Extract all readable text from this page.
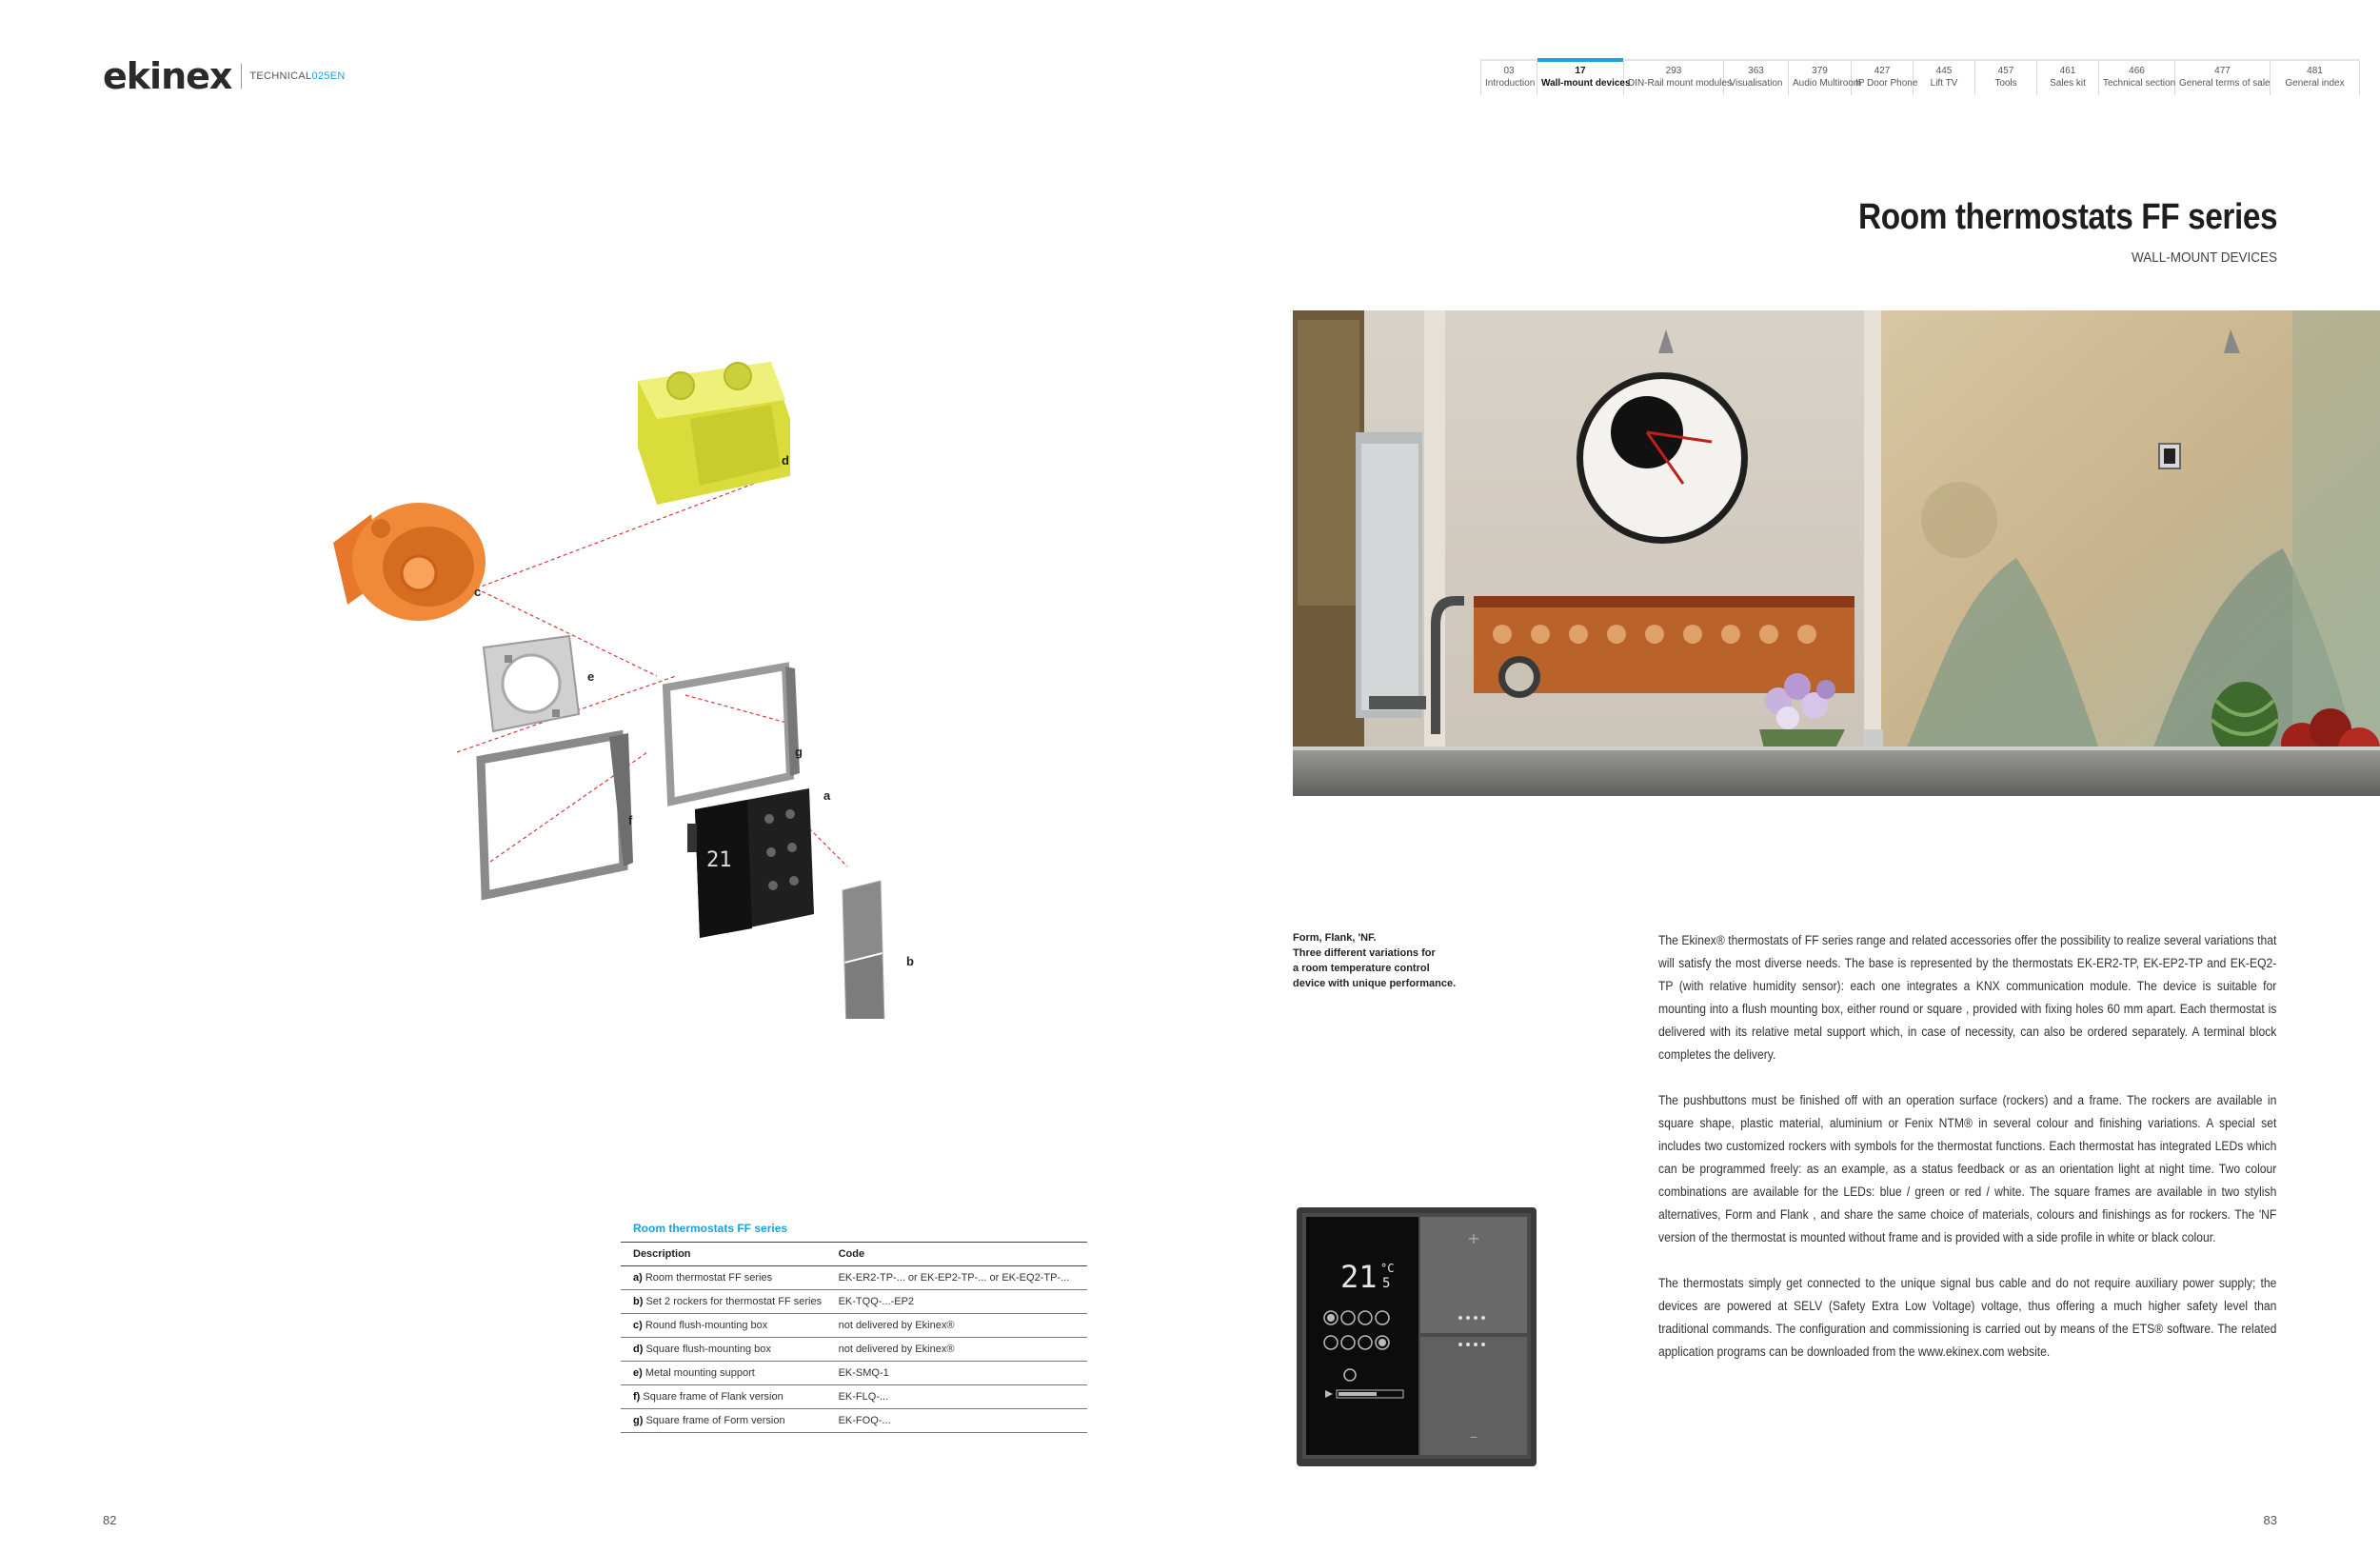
ekinex TECHNICAL025EN	03
Introduction
17
Wall-mount devices
293
DIN-Rail mount modules
363
Visualisation
379
Audio Multiroom
427
IP Door Phone
445
Lift TV
457
Tools
461
Sales kit
466
Technical section
477
General terms of sale
481
General index
Room thermostats FF series
WALL-MOUNT DEVICES
21
d
c
e
g
a
f
b
Form, Flank, 'NF.
Three different variations for
a room temperature control
device with unique performance.

The Ekinex® thermostats of FF series range and related accessories offer the possibility to realize several variations that will satisfy the most diverse needs. The base is represented by the thermostats EK-ER2-TP, EK-EP2-TP and EK-EQ2-TP (with relative humidity sensor): each one integrates a KNX communication module. The device is suitable for mounting into a flush mounting box, either round or square , provided with fixing holes 60 mm apart. Each thermostat is delivered with its relative metal support which, in case of necessity, can also be ordered separately. A terminal block completes the delivery.

The pushbuttons must be finished off with an operation surface (rockers) and a frame. The rockers are available in square shape, plastic material, aluminium or Fenix NTM® in several colour and finishing variations. A special set includes two customized rockers with symbols for the thermostat functions. Each thermostat has integrated LEDs which can be programmed freely: as an example, as a status feedback or as an orientation light at night time. Two colour combinations are available for the LEDs: blue / green or red / white. The square frames are available in two stylish alternatives, Form and Flank , and share the same choice of materials, colours and finishings as for rockers. The 'NF version of the thermostat is mounted without frame and is provided with a side profile in white or black colour.

The thermostats simply get connected to the unique signal bus cable and do not require auxiliary power supply; the devices are powered at SELV (Safety Extra Low Voltage) voltage, thus offering a much higher safety level than traditional commands. The configuration and commissioning is carried out by means of the ETS® software. The related application programs can be downloaded from the www.ekinex.com website.

Room thermostats FF series
Description	Code
a) Room thermostat FF series	EK-ER2-TP-... or EK-EP2-TP-... or EK-EQ2-TP-...
b) Set 2 rockers for thermostat FF series	EK-TQQ-...-EP2
c) Round flush-mounting box	not delivered by Ekinex®
d) Square flush-mounting box	not delivered by Ekinex®
e) Metal mounting support	EK-SMQ-1
f) Square frame of Flank version	EK-FLQ-...
g) Square frame of Form version	EK-FOQ-...
+
–
21 °C
5
82	83
